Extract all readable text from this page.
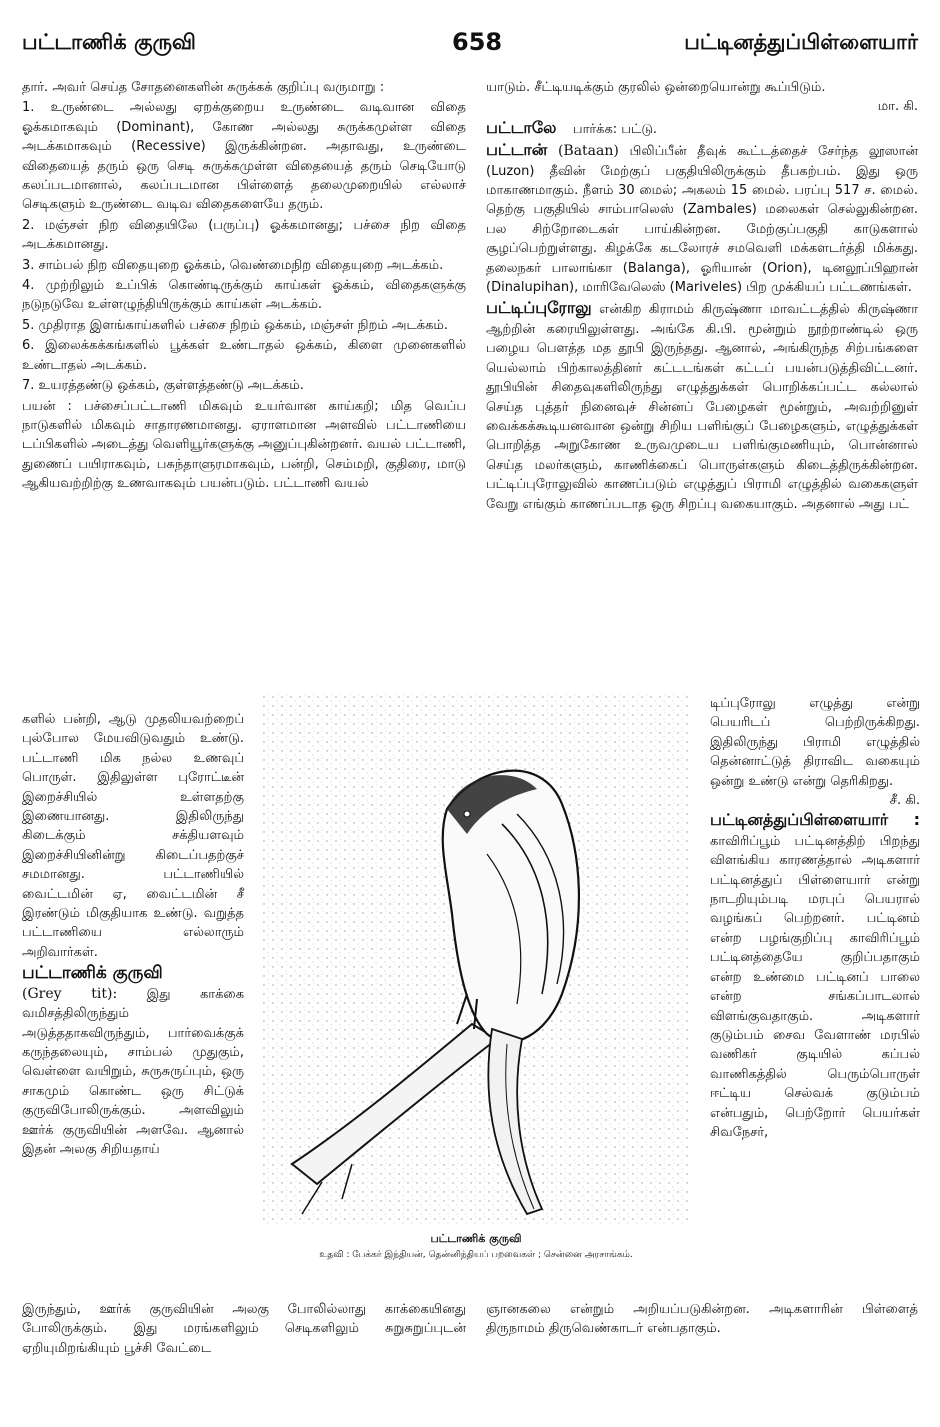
பட்டாணிக் குருவி	658	பட்டினத்துப்பிள்ளையார்

தார். அவர் செய்த சோதனைகளின் சுருக்கக் குறிப்பு வருமாறு :

1. உருண்டை அல்லது ஏறக்குறைய உருண்டை வடிவான விதை ஓக்கமாகவும் (Dominant), கோண அல்லது சுருக்கமுள்ள விதை அடக்கமாகவும் (Recessive) இருக்கின்றன. அதாவது, உருண்டை விதையைத் தரும் ஒரு செடி சுருக்கமுள்ள விதையைத் தரும் செடியோடு கலப்படமானால், கலப்படமான பிள்ளைத் தலைமுறையில் எல்லாச் செடிகளும் உருண்டை வடிவ விதைகளையே தரும்.

2. மஞ்சள் நிற விதையிலே (பருப்பு) ஓக்கமானது; பச்சை நிற விதை அடக்கமானது.

3. சாம்பல் நிற விதையுறை ஓக்கம், வெண்மைநிற விதையுறை அடக்கம்.

4. முற்றிலும் உப்பிக் கொண்டிருக்கும் காய்கள் ஓக்கம், விதைகளுக்கு நடுநடுவே உள்ளழுந்தியிருக்கும் காய்கள் அடக்கம்.

5. முதிராத இளங்காய்களில் பச்சை நிறம் ஒக்கம், மஞ்சள் நிறம் அடக்கம்.

6. இலைக்கக்கங்களில் பூக்கள் உண்டாதல் ஒக்கம், கிளை முனைகளில் உண்டாதல் அடக்கம்.

7. உயரத்தண்டு ஒக்கம், குள்ளத்தண்டு அடக்கம்.

பயன் : பச்சைப்பட்டாணி மிகவும் உயர்வான காய்கறி; மித வெப்ப நாடுகளில் மிகவும் சாதாரணமானது. ஏராளமான அளவில் பட்டாணியை டப்பிகளில் அடைத்து வெளியூர்களுக்கு அனுப்புகின்றனர். வயல் பட்டாணி, துணைப் பயிராகவும், பசுந்தாளுரமாகவும், பன்றி, செம்மறி, குதிரை, மாடு ஆகியவற்றிற்கு உணவாகவும் பயன்படும். பட்டாணி வயல்

களில் பன்றி, ஆடு முதலியவற்றைப் புல்போல மேயவிடுவதும் உண்டு. பட்டாணி மிக நல்ல உணவுப் பொருள். இதிலுள்ள புரோட்டீன் இறைச்சியில் உள்ளதற்கு இணையானது. இதிலிருந்து கிடைக்கும் சக்தியளவும் இறைச்சியினின்று கிடைப்பதற்குச் சமமானது. பட்டாணியில் வைட்டமின் ஏ, வைட்டமின் சீ இரண்டும் மிகுதியாக உண்டு. வறுத்த பட்டாணியை எல்லாரும் அறிவார்கள்.

பட்டாணிக் குருவி
(Grey tit): இது காக்கை வமிசத்திலிருந்தும் அடுத்ததாகவிருந்தும், பார்வைக்குக் கருந்தலையும், சாம்பல் முதுகும், வெள்ளை வயிறும், சுருசுருப்பும், ஒரு சாகமும் கொண்ட ஒரு சிட்டுக் குருவிபோலிருக்கும். அளவிலும் ஊர்க் குருவியின் அளவே. ஆனால் இதன் அலகு சிறியதாய்

யாடும். சீட்டியடிக்கும் குரலில் ஒன்றையொன்று கூப்பிடும்.
மா. கி.

பட்டாலே பார்க்க: பட்டு.

பட்டான் (Bataan) பிலிப்பீன் தீவுக் கூட்டத்தைச் சேர்ந்த லூஸான் (Luzon) தீவின் மேற்குப் பகுதியிலிருக்கும் தீபகற்பம். இது ஒரு மாகாணமாகும். நீளம் 30 மைல்; அகலம் 15 மைல். பரப்பு 517 ச. மைல். தெற்கு பகுதியில் சாம்பாலெஸ் (Zambales) மலைகள் செல்லுகின்றன. பல சிற்றோடைகள் பாய்கின்றன. மேற்குப்பகுதி காடுகளால் சூழப்பெற்றுள்ளது. கிழக்கே கடலோரச் சமவெளி மக்களடர்த்தி மிக்கது. தலைநகர் பாலாங்கா (Balanga), ஓரியான் (Orion), டினலூப்பிஹான் (Dinalupihan), மாரிவேலெஸ் (Mariveles) பிற முக்கியப் பட்டணங்கள்.

பட்டிப்புரோலு என்கிற கிராமம் கிருஷ்ணா மாவட்டத்தில் கிருஷ்ணா ஆற்றின் கரையிலுள்ளது. அங்கே கி.பி. மூன்றும் நூற்றாண்டில் ஒரு பழைய பௌத்த மத தூபி இருந்தது. ஆனால், அங்கிருந்த சிற்பங்களை யெல்லாம் பிற்காலத்தினர் கட்டடங்கள் கட்டப் பயன்படுத்திவிட்டனர். தூபியின் சிதைவுகளிலிருந்து எழுத்துக்கள் பொறிக்கப்பட்ட கல்லால் செய்த புத்தர் நினைவுச் சின்னப் பேழைகள் மூன்றும், அவற்றினுள் வைக்கக்கூடியனவான ஒன்று சிறிய பளிங்குப் பேழைகளும், எழுத்துக்கள் பொறித்த அறுகோண உருவமுடைய பளிங்குமணியும், பொன்னால் செய்த மலர்களும், காணிக்கைப் பொருள்களும் கிடைத்திருக்கின்றன. பட்டிப்புரோலுவில் காணப்படும் எழுத்துப் பிராமி எழுத்தில் வகைகளுள் வேறு எங்கும் காணப்படாத ஒரு சிறப்பு வகையாகும். அதனால் அது பட்

டிப்புரோலு எழுத்து என்று பெயரிடப் பெற்றிருக்கிறது. இதிலிருந்து பிராமி எழுத்தில் தென்னாட்டுத் திராவிட வகையும் ஒன்று உண்டு என்று தெரிகிறது.
சீ. கி.

பட்டினத்துப்பிள்ளையார் : காவிரிப்பூம் பட்டினத்திற் பிறந்து விளங்கிய காரணத்தால் அடிகளார் பட்டினத்துப் பிள்ளையார் என்று நாடறியும்படி மரபுப் பெயரால் வழங்கப் பெற்றனர். பட்டினம் என்ற பழங்குறிப்பு காவிரிப்பூம் பட்டினத்தையே குறிப்பதாகும் என்ற உண்மை பட்டினப் பாலை என்ற சங்கப்பாடலால் விளங்குவதாகும். அடிகளார் குடும்பம் சைவ வேளாண் மரபில் வணிகர் குடியில் கப்பல் வாணிகத்தில் பெரும்பொருள் ஈட்டிய செல்வக் குடும்பம் என்பதும், பெற்றோர் பெயர்கள் சிவநேசர்,

பட்டாணிக் குருவி
உதவி : பேக்கர் இந்தியன், தென்னிந்தியப் பறவைகள் ; சென்னை அரசாங்கம்.

இருந்தும், ஊர்க் குருவியின் அலகு போலில்லாது காக்கையினது போலிருக்கும். இது மரங்களிலும் செடிகளிலும் சுறுசுறுப்புடன் ஏறியுமிறங்கியும் பூச்சி வேட்டை

ஞானகலை என்றும் அறியப்படுகின்றன. அடிகளாரின் பிள்ளைத் திருநாமம் திருவெண்காடர் என்பதாகும்.
